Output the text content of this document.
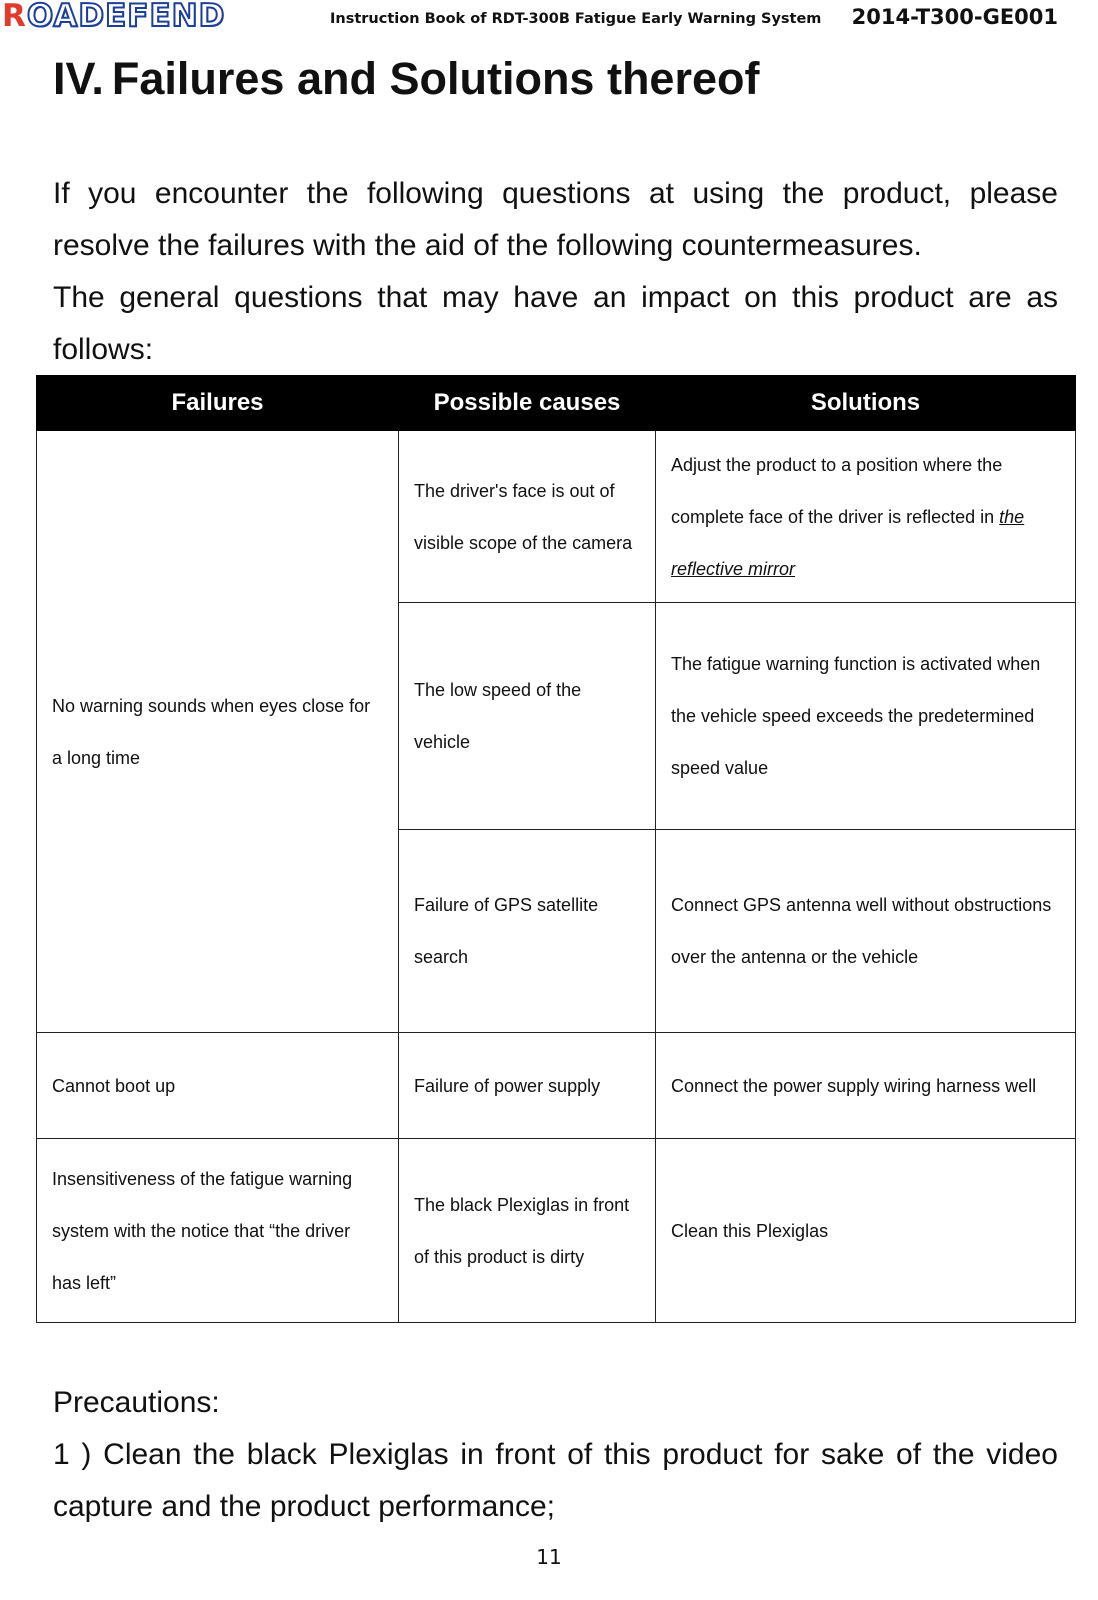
ROADEFEND	Instruction Book of RDT-300B Fatigue Early Warning System 2014-T300-GE001
IV. Failures and Solutions thereof

If you encounter the following questions at using the product, please resolve the failures with the aid of the following countermeasures.

The general questions that may have an impact on this product are as follows:

Failures	Possible causes	Solutions
No warning sounds when eyes close for a long time	The driver's face is out of visible scope of the camera	Adjust the product to a position where the complete face of the driver is reflected in the reflective mirror
	The low speed of the vehicle	The fatigue warning function is activated when the vehicle speed exceeds the predetermined speed value
	Failure of GPS satellite search	Connect GPS antenna well without obstructions over the antenna or the vehicle
Cannot boot up	Failure of power supply	Connect the power supply wiring harness well
Insensitiveness of the fatigue warning system with the notice that “the driver has left”	The black Plexiglas in front of this product is dirty	Clean this Plexiglas
Precautions:
1 ) Clean the black Plexiglas in front of this product for sake of the video capture and the product performance;
11
